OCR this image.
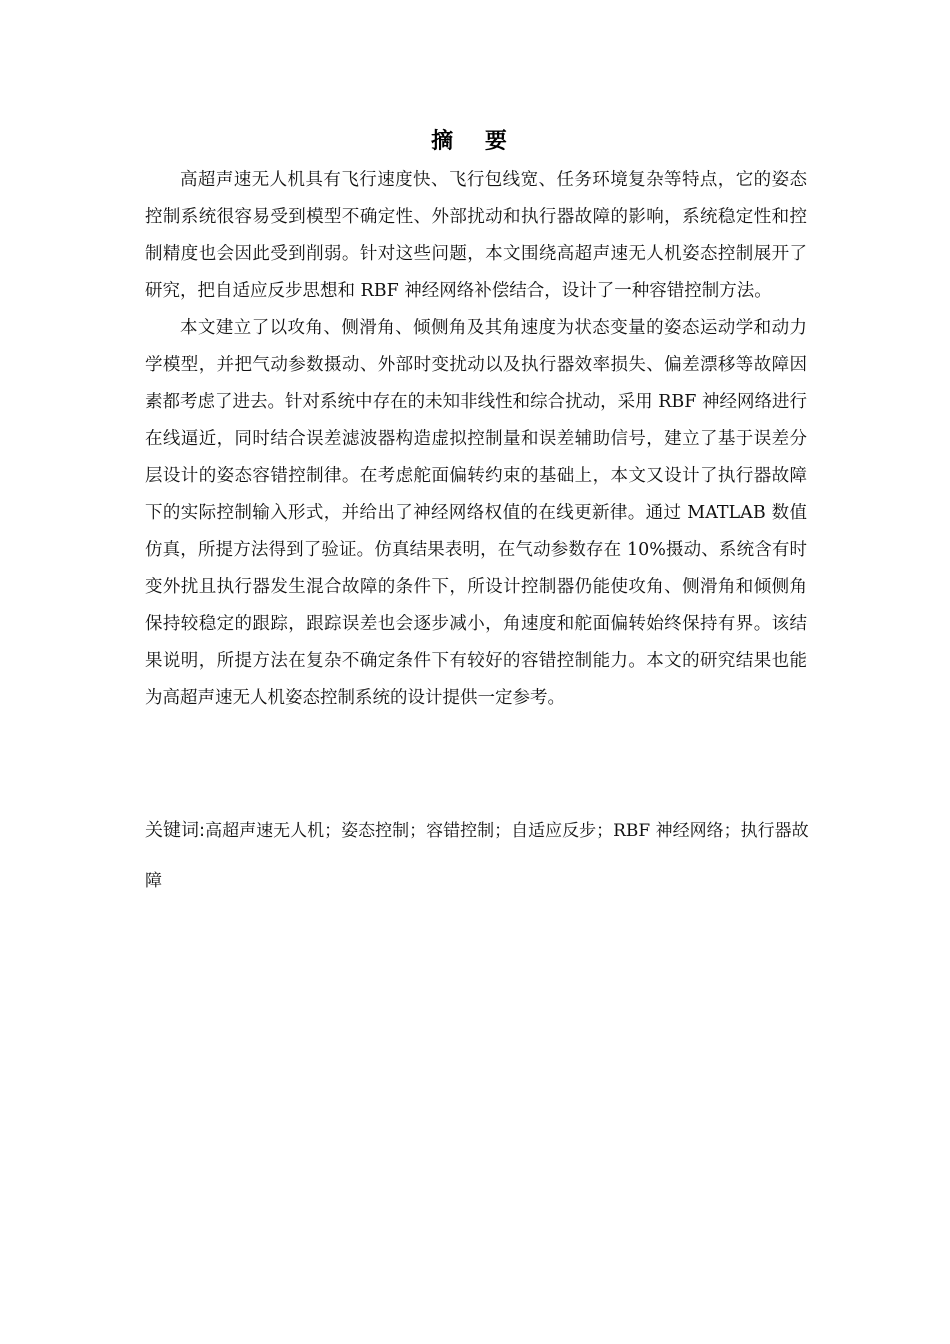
摘 要

高超声速无人机具有飞行速度快、飞行包线宽、任务环境复杂等特点，它的姿态控制系统很容易受到模型不确定性、外部扰动和执行器故障的影响，系统稳定性和控制精度也会因此受到削弱。针对这些问题，本文围绕高超声速无人机姿态控制展开了研究，把自适应反步思想和 RBF 神经网络补偿结合，设计了一种容错控制方法。

本文建立了以攻角、侧滑角、倾侧角及其角速度为状态变量的姿态运动学和动力学模型，并把气动参数摄动、外部时变扰动以及执行器效率损失、偏差漂移等故障因素都考虑了进去。针对系统中存在的未知非线性和综合扰动，采用 RBF 神经网络进行在线逼近，同时结合误差滤波器构造虚拟控制量和误差辅助信号，建立了基于误差分层设计的姿态容错控制律。在考虑舵面偏转约束的基础上，本文又设计了执行器故障下的实际控制输入形式，并给出了神经网络权值的在线更新律。通过 MATLAB 数值仿真，所提方法得到了验证。仿真结果表明，在气动参数存在 10%摄动、系统含有时变外扰且执行器发生混合故障的条件下，所设计控制器仍能使攻角、侧滑角和倾侧角保持较稳定的跟踪，跟踪误差也会逐步减小，角速度和舵面偏转始终保持有界。该结果说明，所提方法在复杂不确定条件下有较好的容错控制能力。本文的研究结果也能为高超声速无人机姿态控制系统的设计提供一定参考。

关键词:高超声速无人机；姿态控制；容错控制；自适应反步；RBF 神经网络；执行器故障
